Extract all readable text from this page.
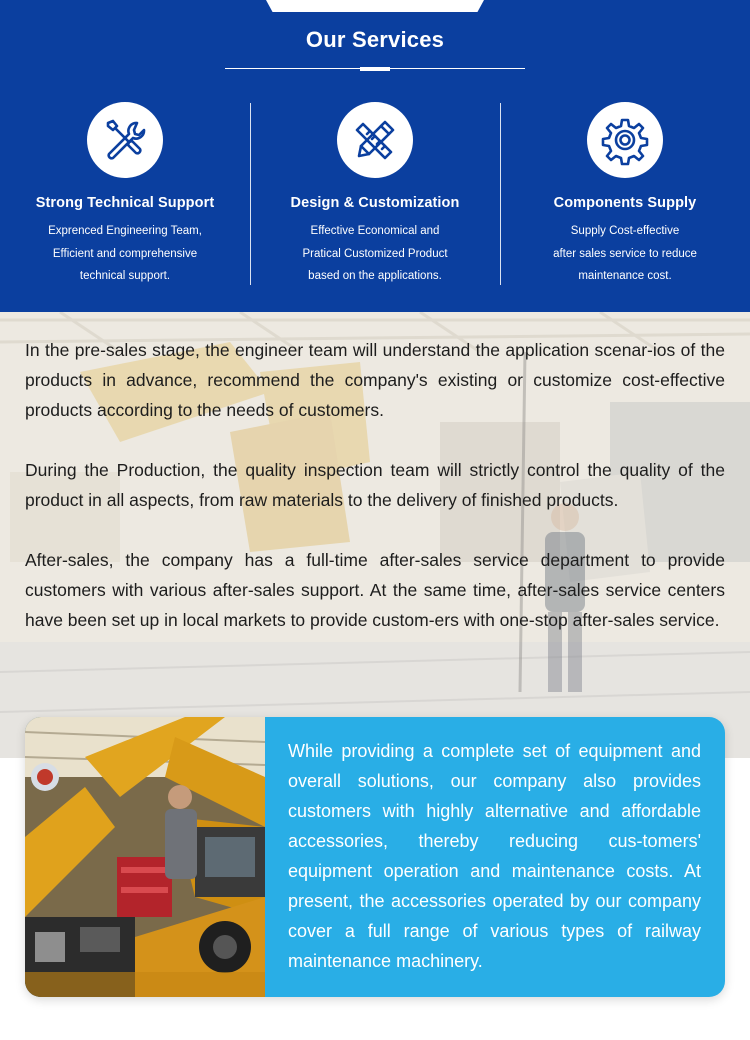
Our Services
Strong Technical Support
Exprenced Engineering Team,
Efficient and comprehensive
technical support.
Design & Customization
Effective Economical and
Pratical Customized Product
based on the applications.
Components Supply
Supply Cost-effective
after sales service to reduce
maintenance cost.

In the pre-sales stage, the engineer team will understand the application scenar-ios of the products in advance, recommend the company's existing or customize cost-effective products according to the needs of customers.

During the Production, the quality inspection team will strictly control the quality of the product in all aspects, from raw materials to the delivery of finished products.

After-sales, the company has a full-time after-sales service department to provide customers with various after-sales support. At the same time, after-sales service centers have been set up in local markets to provide custom-ers with one-stop after-sales service.

While providing a complete set of equipment and overall solutions, our company also provides customers with highly alternative and affordable accessories, thereby reducing cus-tomers' equipment operation and maintenance costs. At present, the accessories operated by our company cover a full range of various types of railway maintenance machinery.
